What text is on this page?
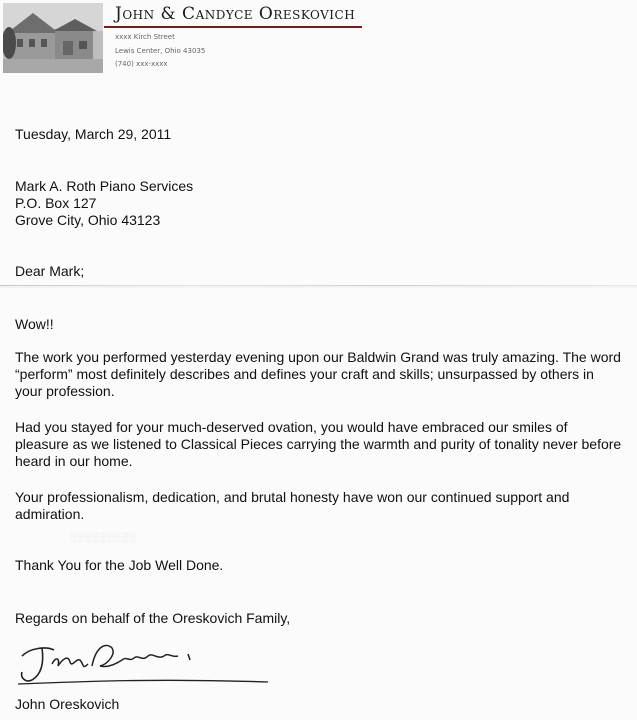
John & Candyce Oreskovich
xxxx Kirch Street
Lewis Center, Ohio 43035
(740) xxx-xxxx
Tuesday, March 29, 2011
Mark A. Roth Piano Services
P.O. Box 127
Grove City, Ohio 43123
Dear Mark;
Wow!!
The work you performed yesterday evening upon our Baldwin Grand was truly amazing. The word “perform” most definitely describes and defines your craft and skills; unsurpassed by others in your profession.
Had you stayed for your much-deserved ovation, you would have embraced our smiles of pleasure as we listened to Classical Pieces carrying the warmth and purity of tonality never before heard in our home.
Your professionalism, dedication, and brutal honesty have won our continued support and admiration.
░░░░░░░░░
Thank You for the Job Well Done.
Regards on behalf of the Oreskovich Family,
John Oreskovich
